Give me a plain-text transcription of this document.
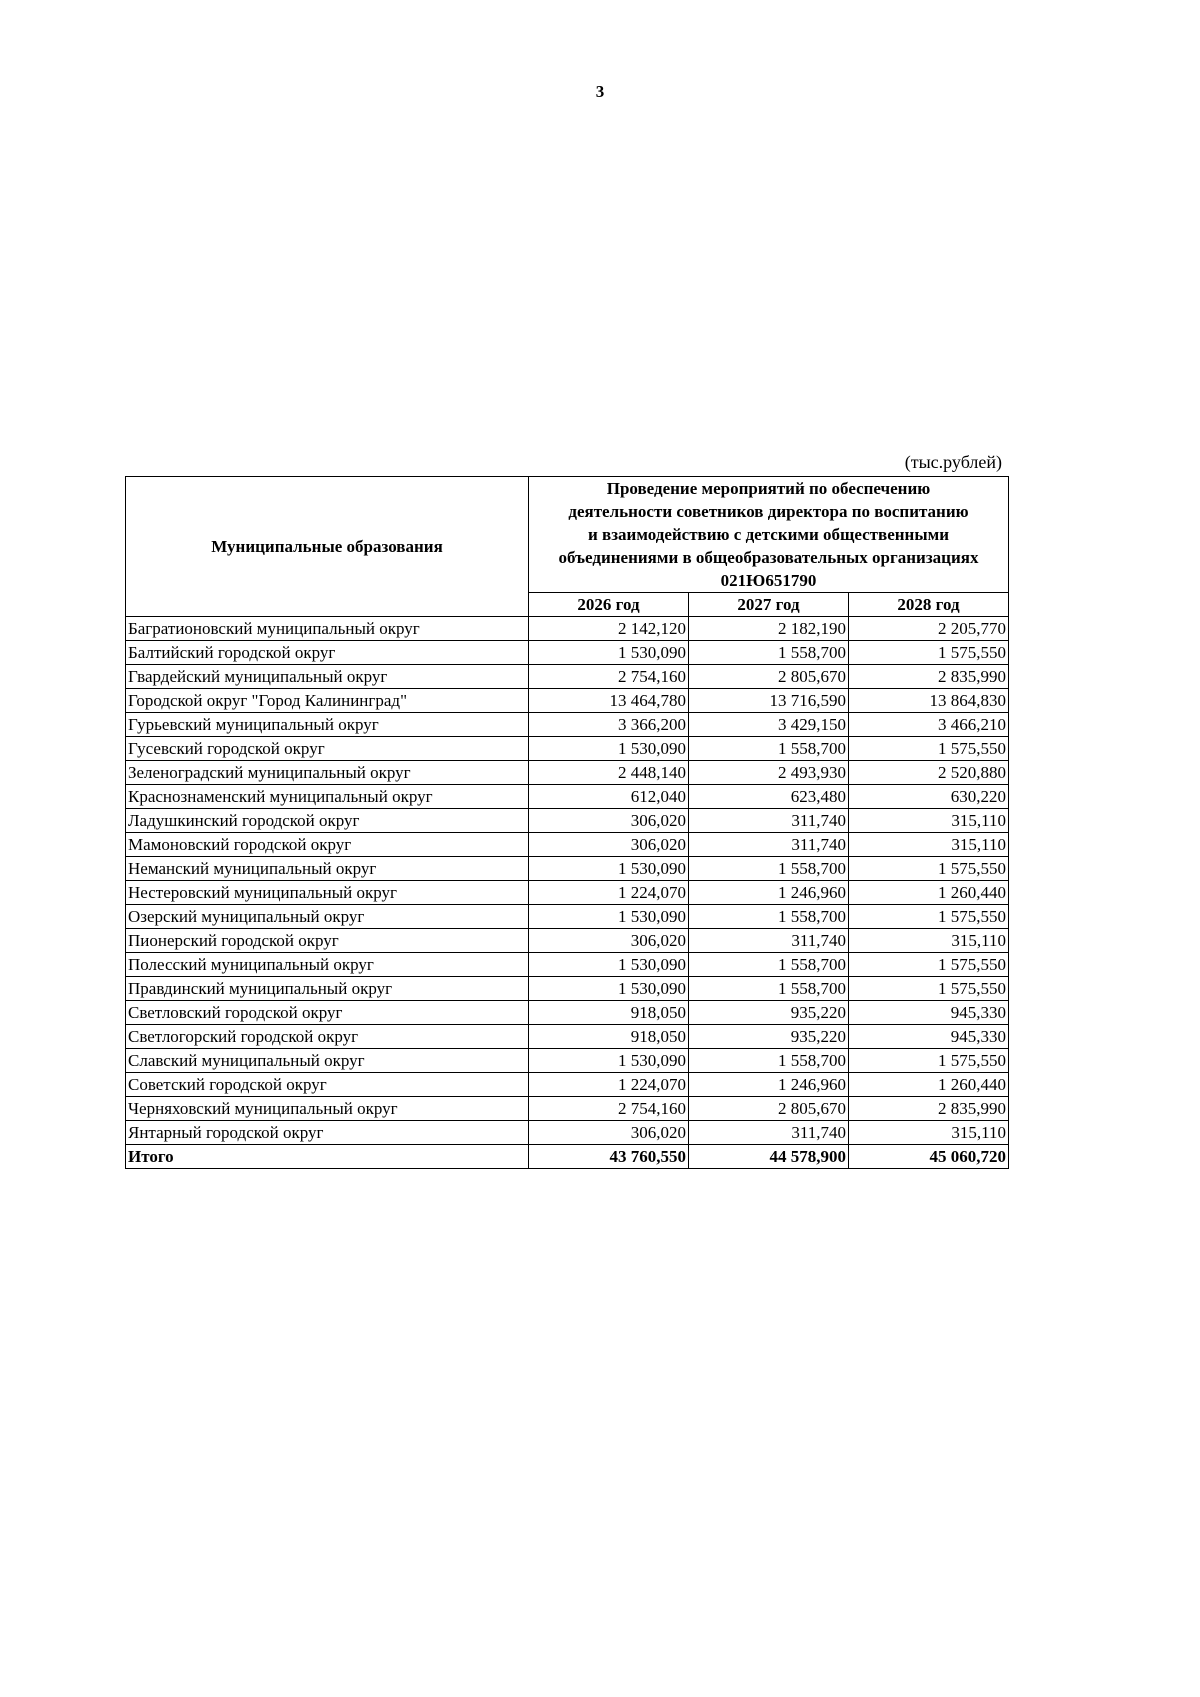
3
(тыс.рублей)
Муниципальные образования	Проведение мероприятий по обеспечению
деятельности советников директора по воспитанию
и взаимодействию с детскими общественными
объединениями в общеобразовательных организациях
021Ю651790		

	2026 год	2027 год	2028 год
Багратионовский муниципальный округ	2 142,120	2 182,190	2 205,770
Балтийский городской округ	1 530,090	1 558,700	1 575,550
Гвардейский муниципальный округ	2 754,160	2 805,670	2 835,990
Городской округ "Город Калининград"	13 464,780	13 716,590	13 864,830
Гурьевский муниципальный округ	3 366,200	3 429,150	3 466,210
Гусевский городской округ	1 530,090	1 558,700	1 575,550
Зеленоградский муниципальный округ	2 448,140	2 493,930	2 520,880
Краснознаменский муниципальный округ	612,040	623,480	630,220
Ладушкинский городской округ	306,020	311,740	315,110
Мамоновский городской округ	306,020	311,740	315,110
Неманский муниципальный округ	1 530,090	1 558,700	1 575,550
Нестеровский муниципальный округ	1 224,070	1 246,960	1 260,440
Озерский муниципальный округ	1 530,090	1 558,700	1 575,550
Пионерский городской округ	306,020	311,740	315,110
Полесский муниципальный округ	1 530,090	1 558,700	1 575,550
Правдинский муниципальный округ	1 530,090	1 558,700	1 575,550
Светловский городской округ	918,050	935,220	945,330
Светлогорский городской округ	918,050	935,220	945,330
Славский муниципальный округ	1 530,090	1 558,700	1 575,550
Советский городской округ	1 224,070	1 246,960	1 260,440
Черняховский муниципальный округ	2 754,160	2 805,670	2 835,990
Янтарный городской округ	306,020	311,740	315,110
Итого	43 760,550	44 578,900	45 060,720
